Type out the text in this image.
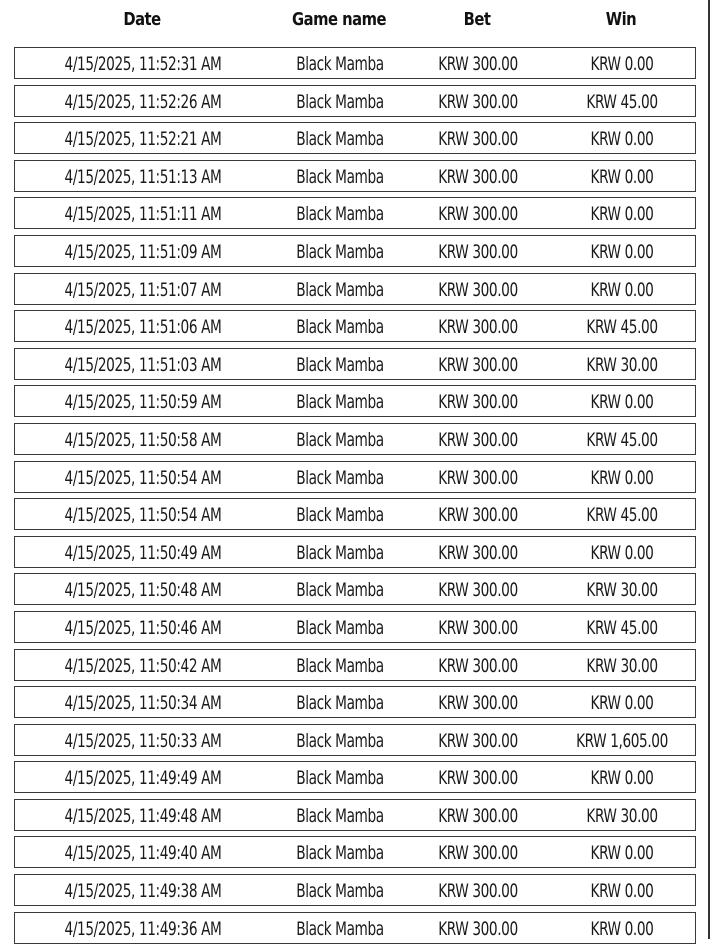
Date	Game name	Bet	Win
4/15/2025, 11:52:31 AM	Black Mamba	KRW 300.00	KRW 0.00
4/15/2025, 11:52:26 AM	Black Mamba	KRW 300.00	KRW 45.00
4/15/2025, 11:52:21 AM	Black Mamba	KRW 300.00	KRW 0.00
4/15/2025, 11:51:13 AM	Black Mamba	KRW 300.00	KRW 0.00
4/15/2025, 11:51:11 AM	Black Mamba	KRW 300.00	KRW 0.00
4/15/2025, 11:51:09 AM	Black Mamba	KRW 300.00	KRW 0.00
4/15/2025, 11:51:07 AM	Black Mamba	KRW 300.00	KRW 0.00
4/15/2025, 11:51:06 AM	Black Mamba	KRW 300.00	KRW 45.00
4/15/2025, 11:51:03 AM	Black Mamba	KRW 300.00	KRW 30.00
4/15/2025, 11:50:59 AM	Black Mamba	KRW 300.00	KRW 0.00
4/15/2025, 11:50:58 AM	Black Mamba	KRW 300.00	KRW 45.00
4/15/2025, 11:50:54 AM	Black Mamba	KRW 300.00	KRW 0.00
4/15/2025, 11:50:54 AM	Black Mamba	KRW 300.00	KRW 45.00
4/15/2025, 11:50:49 AM	Black Mamba	KRW 300.00	KRW 0.00
4/15/2025, 11:50:48 AM	Black Mamba	KRW 300.00	KRW 30.00
4/15/2025, 11:50:46 AM	Black Mamba	KRW 300.00	KRW 45.00
4/15/2025, 11:50:42 AM	Black Mamba	KRW 300.00	KRW 30.00
4/15/2025, 11:50:34 AM	Black Mamba	KRW 300.00	KRW 0.00
4/15/2025, 11:50:33 AM	Black Mamba	KRW 300.00	KRW 1,605.00
4/15/2025, 11:49:49 AM	Black Mamba	KRW 300.00	KRW 0.00
4/15/2025, 11:49:48 AM	Black Mamba	KRW 300.00	KRW 30.00
4/15/2025, 11:49:40 AM	Black Mamba	KRW 300.00	KRW 0.00
4/15/2025, 11:49:38 AM	Black Mamba	KRW 300.00	KRW 0.00
4/15/2025, 11:49:36 AM	Black Mamba	KRW 300.00	KRW 0.00
